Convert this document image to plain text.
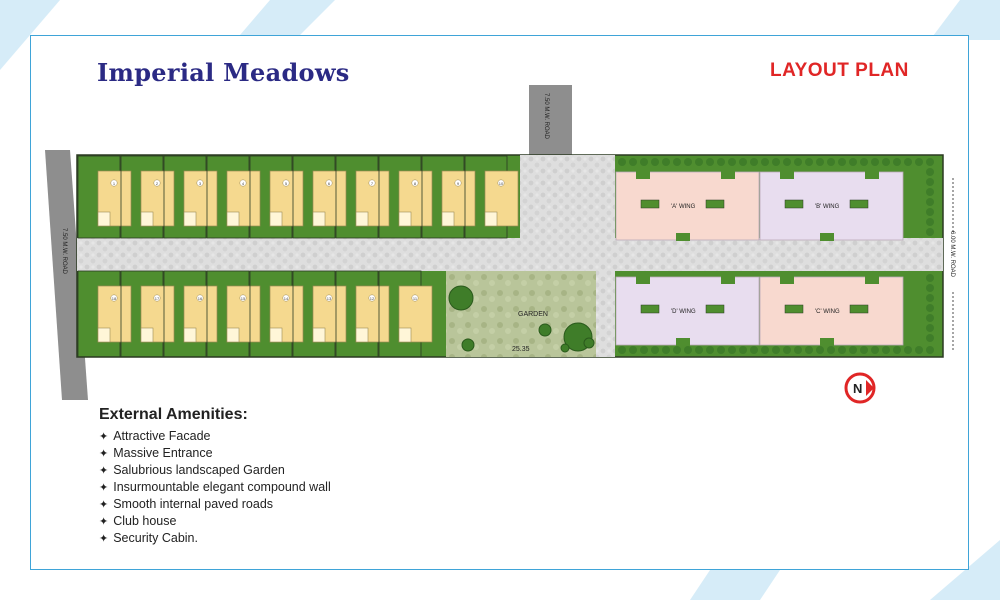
Imperial Meadows	LAYOUT PLAN
7.50 M.W. ROAD
7.50 M.W. ROAD
6.00 M.W. ROAD
GARDEN
25.35
1	2	3	4	5	6	7	8	9	10
18	17	16	15	14	13	12	11
'A' WING	'B' WING
'D' WING	'C' WING
N
External Amenities:
✦ Attractive Facade
✦ Massive Entrance
✦ Salubrious landscaped Garden
✦ Insurmountable elegant compound wall
✦ Smooth internal paved roads
✦ Club house
✦ Security Cabin.
